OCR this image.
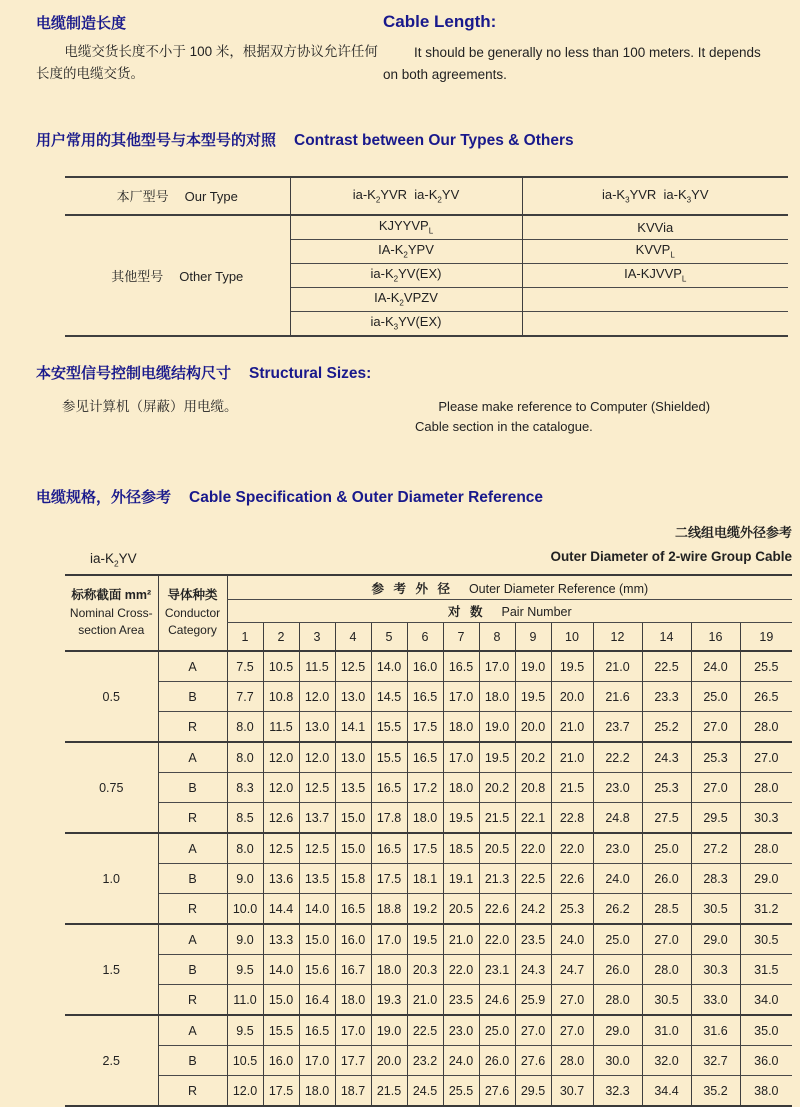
电缆制造长度

电缆交货长度不小于 100 米，根据双方协议允许任何长度的电缆交货。

Cable Length:

It should be generally no less than 100 meters. It depends on both agreements.

用户常用的其他型号与本型号的对照 Contrast between Our Types & Others
本厂型号 Our Type	$ia-K_2YVR$  $ia-K_2YV$	$ia-K_3YVR$  $ia-K_3YV$
其他型号 Other Type	$KJYYVP_L$	KVVia
	$IA-K_2YPV$	$KVVP_L$
	$ia-K_2YV(EX)$	$IA-KJVVP_L$
	$IA-K_2VPZV$	
	$ia-K_3YV(EX)$	
本安型信号控制电缆结构尺寸 Structural Sizes:

参见计算机（屏蔽）用电缆。	Please make reference to Computer (Shielded) Cable section in the catalogue.

电缆规格，外径参考 Cable Specification & Outer Diameter Reference
$ia-K_2YV$
二线组电缆外径参考
Outer Diameter of 2-wire Group Cable
标称截面 mm²
Nominal Cross-
section Area

导体种类
Conductor
Category
	参 考 外 径 Outer Diameter Reference (mm)
		对 数 Pair Number													
		1	2	3	4	5	6	7	8	9	10	12	14	16	19
0.5	A	7.5	10.5	11.5	12.5	14.0	16.0	16.5	17.0	19.0	19.5	21.0	22.5	24.0	25.5
	B	7.7	10.8	12.0	13.0	14.5	16.5	17.0	18.0	19.5	20.0	21.6	23.3	25.0	26.5
	R	8.0	11.5	13.0	14.1	15.5	17.5	18.0	19.0	20.0	21.0	23.7	25.2	27.0	28.0
0.75	A	8.0	12.0	12.0	13.0	15.5	16.5	17.0	19.5	20.2	21.0	22.2	24.3	25.3	27.0
	B	8.3	12.0	12.5	13.5	16.5	17.2	18.0	20.2	20.8	21.5	23.0	25.3	27.0	28.0
	R	8.5	12.6	13.7	15.0	17.8	18.0	19.5	21.5	22.1	22.8	24.8	27.5	29.5	30.3
1.0	A	8.0	12.5	12.5	15.0	16.5	17.5	18.5	20.5	22.0	22.0	23.0	25.0	27.2	28.0
	B	9.0	13.6	13.5	15.8	17.5	18.1	19.1	21.3	22.5	22.6	24.0	26.0	28.3	29.0
	R	10.0	14.4	14.0	16.5	18.8	19.2	20.5	22.6	24.2	25.3	26.2	28.5	30.5	31.2
1.5	A	9.0	13.3	15.0	16.0	17.0	19.5	21.0	22.0	23.5	24.0	25.0	27.0	29.0	30.5
	B	9.5	14.0	15.6	16.7	18.0	20.3	22.0	23.1	24.3	24.7	26.0	28.0	30.3	31.5
	R	11.0	15.0	16.4	18.0	19.3	21.0	23.5	24.6	25.9	27.0	28.0	30.5	33.0	34.0
2.5	A	9.5	15.5	16.5	17.0	19.0	22.5	23.0	25.0	27.0	27.0	29.0	31.0	31.6	35.0
	B	10.5	16.0	17.0	17.7	20.0	23.2	24.0	26.0	27.6	28.0	30.0	32.0	32.7	36.0
	R	12.0	17.5	18.0	18.7	21.5	24.5	25.5	27.6	29.5	30.7	32.3	34.4	35.2	38.0
